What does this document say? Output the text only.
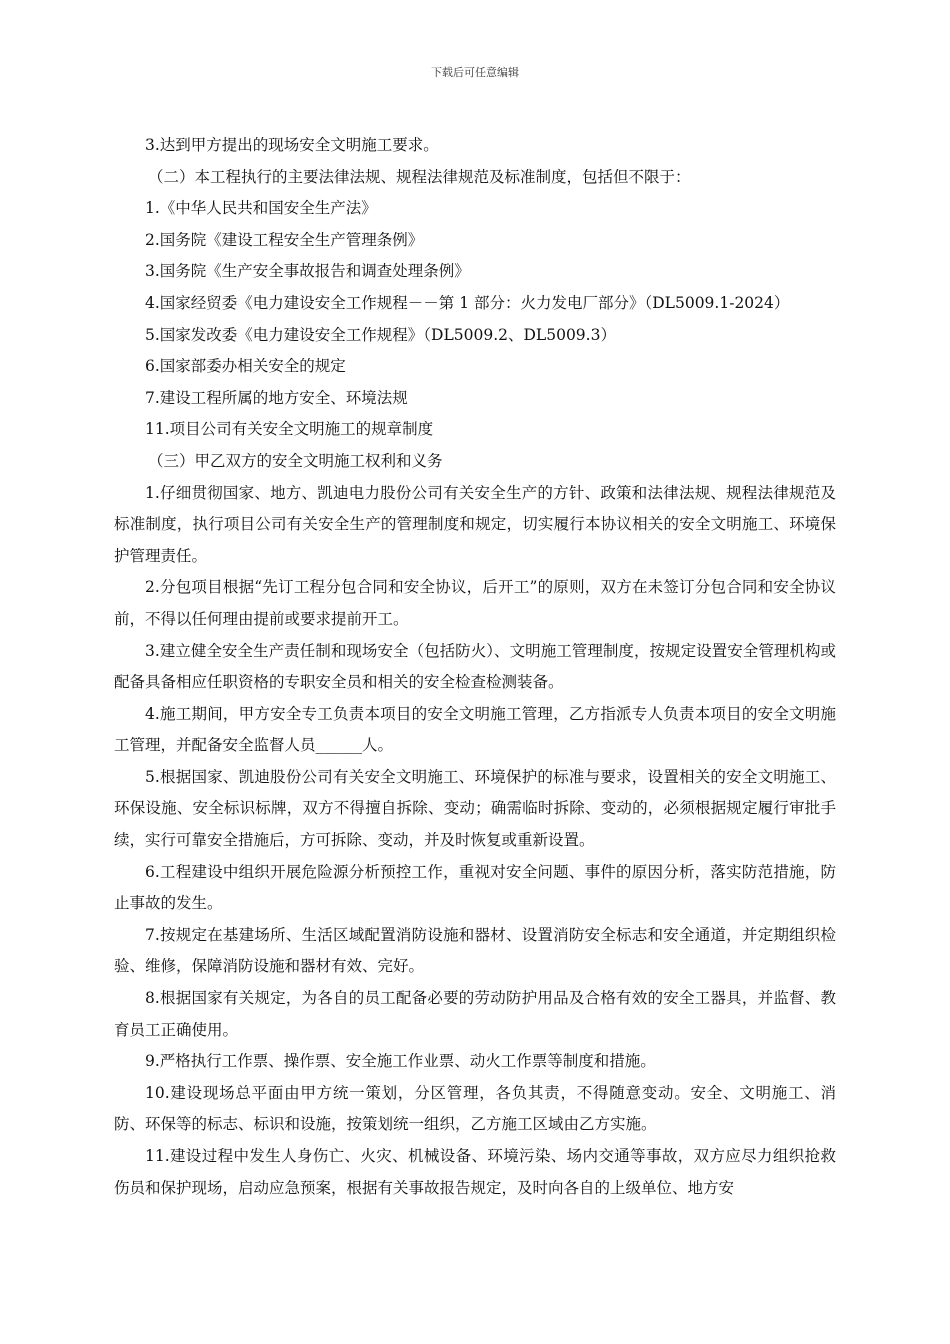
下载后可任意编辑
3.达到甲方提出的现场安全文明施工要求。
（二）本工程执行的主要法律法规、规程法律规范及标准制度，包括但不限于：
1.《中华人民共和国安全生产法》
2.国务院《建设工程安全生产管理条例》
3.国务院《生产安全事故报告和调查处理条例》
4.国家经贸委《电力建设安全工作规程－－第 1 部分：火力发电厂部分》（DL5009.1-2024）
5.国家发改委《电力建设安全工作规程》（DL5009.2、DL5009.3）
6.国家部委办相关安全的规定
7.建设工程所属的地方安全、环境法规
11.项目公司有关安全文明施工的规章制度
（三）甲乙双方的安全文明施工权利和义务
1.仔细贯彻国家、地方、凯迪电力股份公司有关安全生产的方针、政策和法律法规、规程法律规范及标准制度，执行项目公司有关安全生产的管理制度和规定，切实履行本协议相关的安全文明施工、环境保护管理责任。
2.分包项目根据“先订工程分包合同和安全协议，后开工”的原则，双方在未签订分包合同和安全协议前，不得以任何理由提前或要求提前开工。
3.建立健全安全生产责任制和现场安全（包括防火）、文明施工管理制度，按规定设置安全管理机构或配备具备相应任职资格的专职安全员和相关的安全检查检测装备。
4.施工期间，甲方安全专工负责本项目的安全文明施工管理，乙方指派专人负责本项目的安全文明施工管理，并配备安全监督人员______人。
5.根据国家、凯迪股份公司有关安全文明施工、环境保护的标准与要求，设置相关的安全文明施工、环保设施、安全标识标牌，双方不得擅自拆除、变动；确需临时拆除、变动的，必须根据规定履行审批手续，实行可靠安全措施后，方可拆除、变动，并及时恢复或重新设置。
6.工程建设中组织开展危险源分析预控工作，重视对安全问题、事件的原因分析，落实防范措施，防止事故的发生。
7.按规定在基建场所、生活区域配置消防设施和器材、设置消防安全标志和安全通道，并定期组织检验、维修，保障消防设施和器材有效、完好。
8.根据国家有关规定，为各自的员工配备必要的劳动防护用品及合格有效的安全工器具，并监督、教育员工正确使用。
9.严格执行工作票、操作票、安全施工作业票、动火工作票等制度和措施。
10.建设现场总平面由甲方统一策划，分区管理，各负其责，不得随意变动。安全、文明施工、消防、环保等的标志、标识和设施，按策划统一组织，乙方施工区域由乙方实施。
11.建设过程中发生人身伤亡、火灾、机械设备、环境污染、场内交通等事故，双方应尽力组织抢救伤员和保护现场，启动应急预案，根据有关事故报告规定，及时向各自的上级单位、地方安
